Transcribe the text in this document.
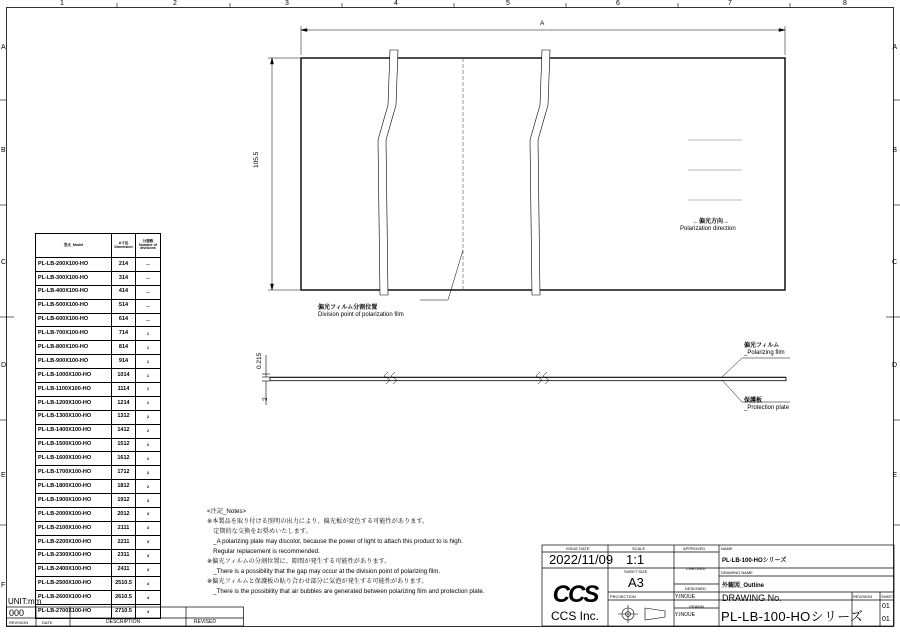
1	2	3	4	5	6	7	8
A
B
C
D
E
F
A
B
C
D
E
A
105.5
0.215
2
←偏光方向→
Polarization direction
偏光フィルム分割位置
Division point of polarization film
偏光フィルム
_Polarizing film
保護板
_Protection plate
型式_Model	A寸法 Dimension	分割数 Number of divisions
PL-LB-200X100-HO	214	—
PL-LB-300X100-HO	314	—
PL-LB-400X100-HO	414	—
PL-LB-500X100-HO	514	—
PL-LB-600X100-HO	614	—
PL-LB-700X100-HO	714	1
PL-LB-800X100-HO	814	1
PL-LB-900X100-HO	914	1
PL-LB-1000X100-HO	1014	1
PL-LB-1100X100-HO	1114	1
PL-LB-1200X100-HO	1214	1
PL-LB-1300X100-HO	1312	2
PL-LB-1400X100-HO	1412	2
PL-LB-1500X100-HO	1512	2
PL-LB-1600X100-HO	1612	2
PL-LB-1700X100-HO	1712	2
PL-LB-1800X100-HO	1812	2
PL-LB-1900X100-HO	1912	3
PL-LB-2000X100-HO	2012	3
PL-LB-2100X100-HO	2111	3
PL-LB-2200X100-HO	2211	3
PL-LB-2300X100-HO	2311	3
PL-LB-2400X100-HO	2411	3
PL-LB-2500X100-HO	2510.5	4
PL-LB-2600X100-HO	2610.5	4
PL-LB-2700X100-HO	2710.5	4
<注記_Notes>
※本製品を取り付ける照明の出力により、偏光板が変色する可能性があります。
　定期的な交換をお奨めいたします。
　_A polarizing plate may discolor, because the power of light to attach this product to is high.
　Regular replacement is recommended.
※偏光フィルムの分割位置に、隙間が発生する可能性があります。
　_There is a possibility that the gap may occur at the division point of polarizing film.
※偏光フィルムと保護板の貼り合わせ部分に気泡が発生する可能性があります。
　_There is the possibility that air bubbles are generated between polarizing film and protection plate.
ISSUE DATE
2022/11/09
SCALE
1:1
SHEET SIZE
A3
APPROVED
CHECKED
DESIGNED
Y.INOUE
DRAWN
Y.INOUE
PROJECTION
NAME
PL-LB-100-HOシリーズ
DRAWING NAME
外観図_Outline
DRAWING No.
PL-LB-100-HOシリーズ
REVISION SHEET
01
01
CCS
CCS Inc.
UNIT:mm
000
REVISION	DATE	DESCRIPTION	REVISED
